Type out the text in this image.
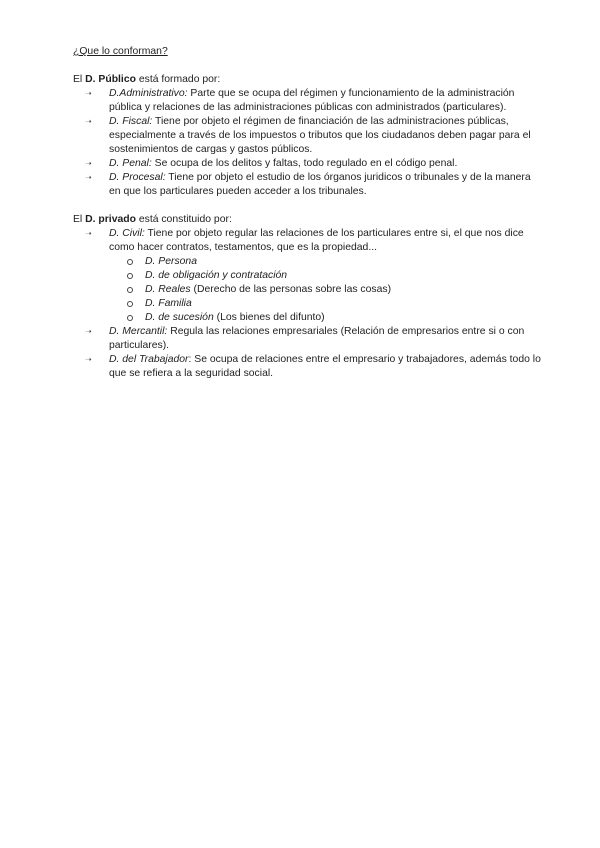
¿Que lo conforman?

El D. Público está formado por:

➝ D.Administrativo: Parte que se ocupa del régimen y funcionamiento de la administración pública y relaciones de las administraciones públicas con administrados (particulares).
➝ D. Fiscal: Tiene por objeto el régimen de financiación de las administraciones públicas, especialmente a través de los impuestos o tributos que los ciudadanos deben pagar para el sostenimientos de cargas y gastos públicos.
➝ D. Penal: Se ocupa de los delitos y faltas, todo regulado en el código penal.
➝ D. Procesal: Tiene por objeto el estudio de los órganos juridicos o tribunales y de la manera en que los particulares pueden acceder a los tribunales.

El D. privado está constituido por:

➝ D. Civil: Tiene por objeto regular las relaciones de los particulares entre si, el que nos dice como hacer contratos, testamentos, que es la propiedad...
D. Persona
D. de obligación y contratación
D. Reales (Derecho de las personas sobre las cosas)
D. Familia
D. de sucesión (Los bienes del difunto)
➝ D. Mercantil: Regula las relaciones empresariales (Relación de empresarios entre si o con particulares).
➝ D. del Trabajador: Se ocupa de relaciones entre el empresario y trabajadores, además todo lo que se refiera a la seguridad social.
